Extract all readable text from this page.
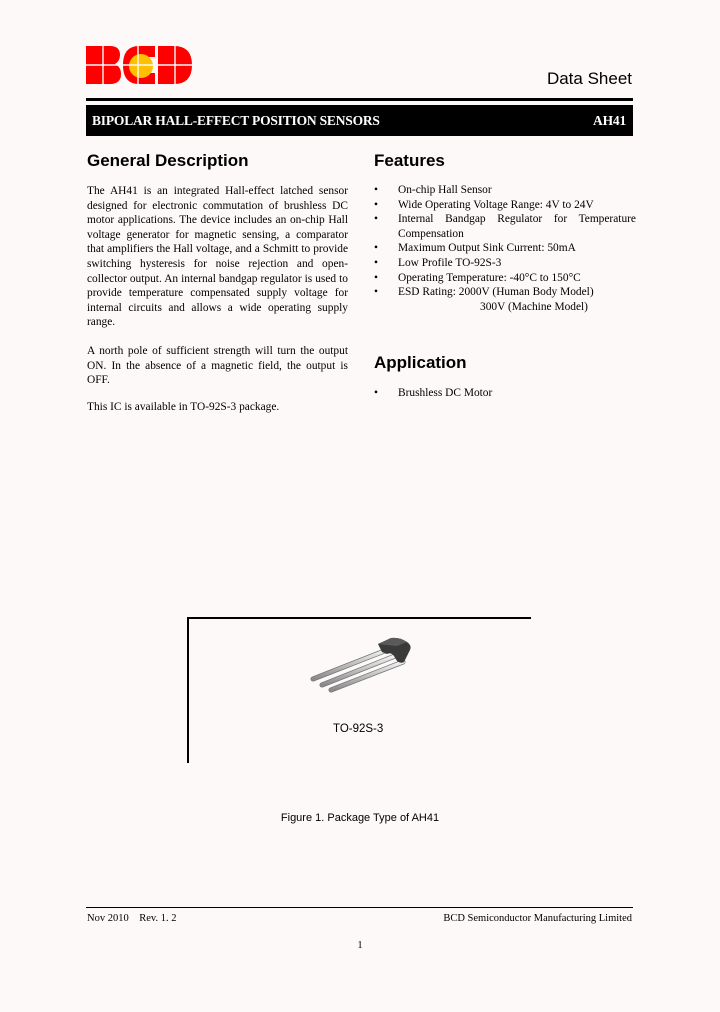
Data Sheet
BIPOLAR HALL-EFFECT POSITION SENSORS	AH41
General Description

The AH41 is an integrated Hall-effect latched sensor designed for electronic commutation of brushless DC motor applications. The device includes an on-chip Hall voltage generator for magnetic sensing, a comparator that amplifiers the Hall voltage, and a Schmitt to provide switching hysteresis for noise rejection and open-collector output. An internal bandgap regulator is used to provide temperature compensated supply voltage for internal circuits and allows a wide operating supply range.

A north pole of sufficient strength will turn the output ON. In the absence of a magnetic field, the output is OFF.

This IC is available in TO-92S-3 package.

Features
• On-chip Hall Sensor
• Wide Operating Voltage Range: 4V to 24V
• Internal Bandgap Regulator for Temperature Compensation
• Maximum Output Sink Current: 50mA
• Low Profile TO-92S-3
• Operating Temperature: -40°C to 150°C
• ESD Rating: 2000V (Human Body Model)
300V (Machine Model)
Application
• Brushless DC Motor
TO-92S-3
Figure 1. Package Type of AH41
Nov 2010    Rev. 1. 2	BCD Semiconductor Manufacturing Limited
1
